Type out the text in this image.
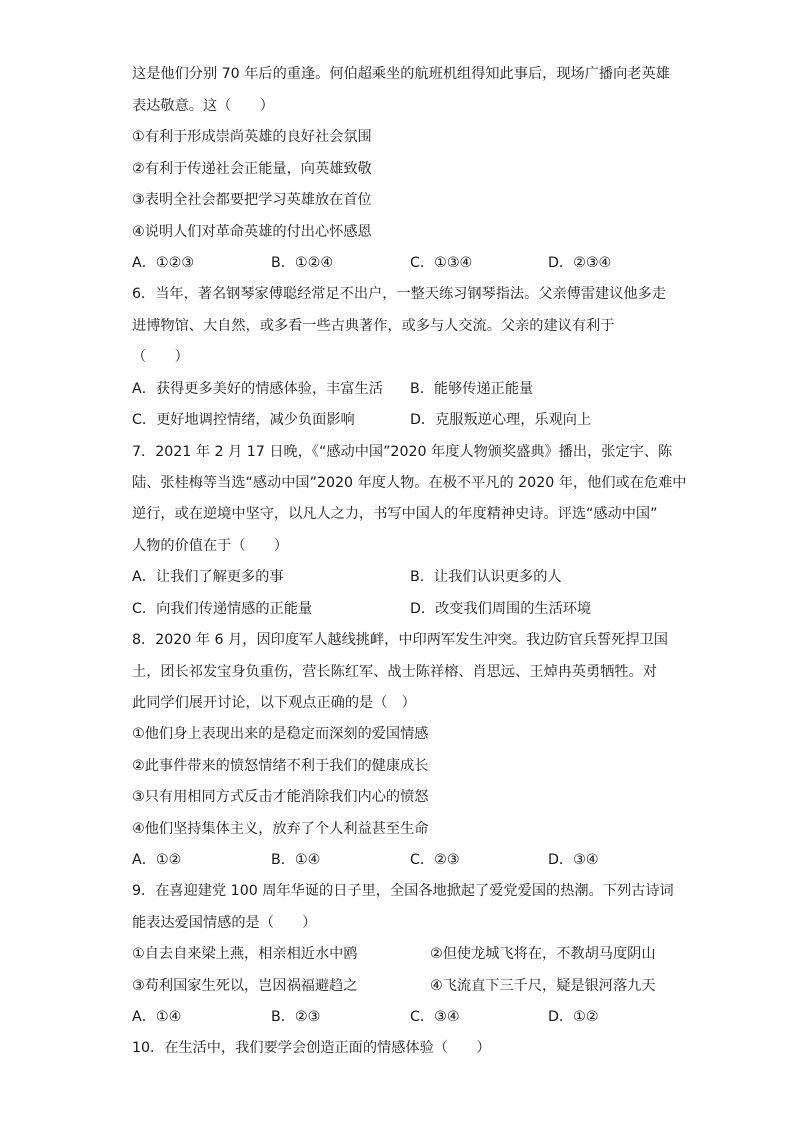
这是他们分别 70 年后的重逢。何伯超乘坐的航班机组得知此事后，现场广播向老英雄
表达敬意。这（　　）
①有利于形成崇尚英雄的良好社会氛围
②有利于传递社会正能量，向英雄致敬
③表明全社会都要把学习英雄放在首位
④说明人们对革命英雄的付出心怀感恩
A．①②③	B．①②④	C．①③④	D．②③④
6．当年，著名钢琴家傅聪经常足不出户，一整天练习钢琴指法。父亲傅雷建议他多走
进博物馆、大自然，或多看一些古典著作，或多与人交流。父亲的建议有利于
（　　）
A．获得更多美好的情感体验，丰富生活 B．能够传递正能量
C．更好地调控情绪，减少负面影响	D．克服叛逆心理，乐观向上
7．2021 年 2 月 17 日晚，《“感动中国”2020 年度人物颁奖盛典》播出，张定宇、陈
陆、张桂梅等当选“感动中国”2020 年度人物。在极不平凡的 2020 年，他们或在危难中
逆行，或在逆境中坚守，以凡人之力，书写中国人的年度精神史诗。评选“感动中国”
人物的价值在于（　　）
A．让我们了解更多的事	B．让我们认识更多的人
C．向我们传递情感的正能量	D．改变我们周围的生活环境
8．2020 年 6 月，因印度军人越线挑衅，中印两军发生冲突。我边防官兵誓死捍卫国
土，团长祁发宝身负重伤，营长陈红军、战士陈祥榕、肖思远、王焯冉英勇牺牲。对
此同学们展开讨论，以下观点正确的是（　）
①他们身上表现出来的是稳定而深刻的爱国情感
②此事件带来的愤怒情绪不利于我们的健康成长
③只有用相同方式反击才能消除我们内心的愤怒
④他们坚持集体主义，放弃了个人利益甚至生命
A．①②	B．①④	C．②③	D．③④
9．在喜迎建党 100 周年华诞的日子里，全国各地掀起了爱党爱国的热潮。下列古诗词
能表达爱国情感的是（　　）
①自去自来梁上燕，相亲相近水中鸥	②但使龙城飞将在，不教胡马度阴山
③苟利国家生死以，岂因祸福避趋之	④飞流直下三千尺，疑是银河落九天
A．①④	B．②③	C．③④	D．①②
10．在生活中，我们要学会创造正面的情感体验（　　）
